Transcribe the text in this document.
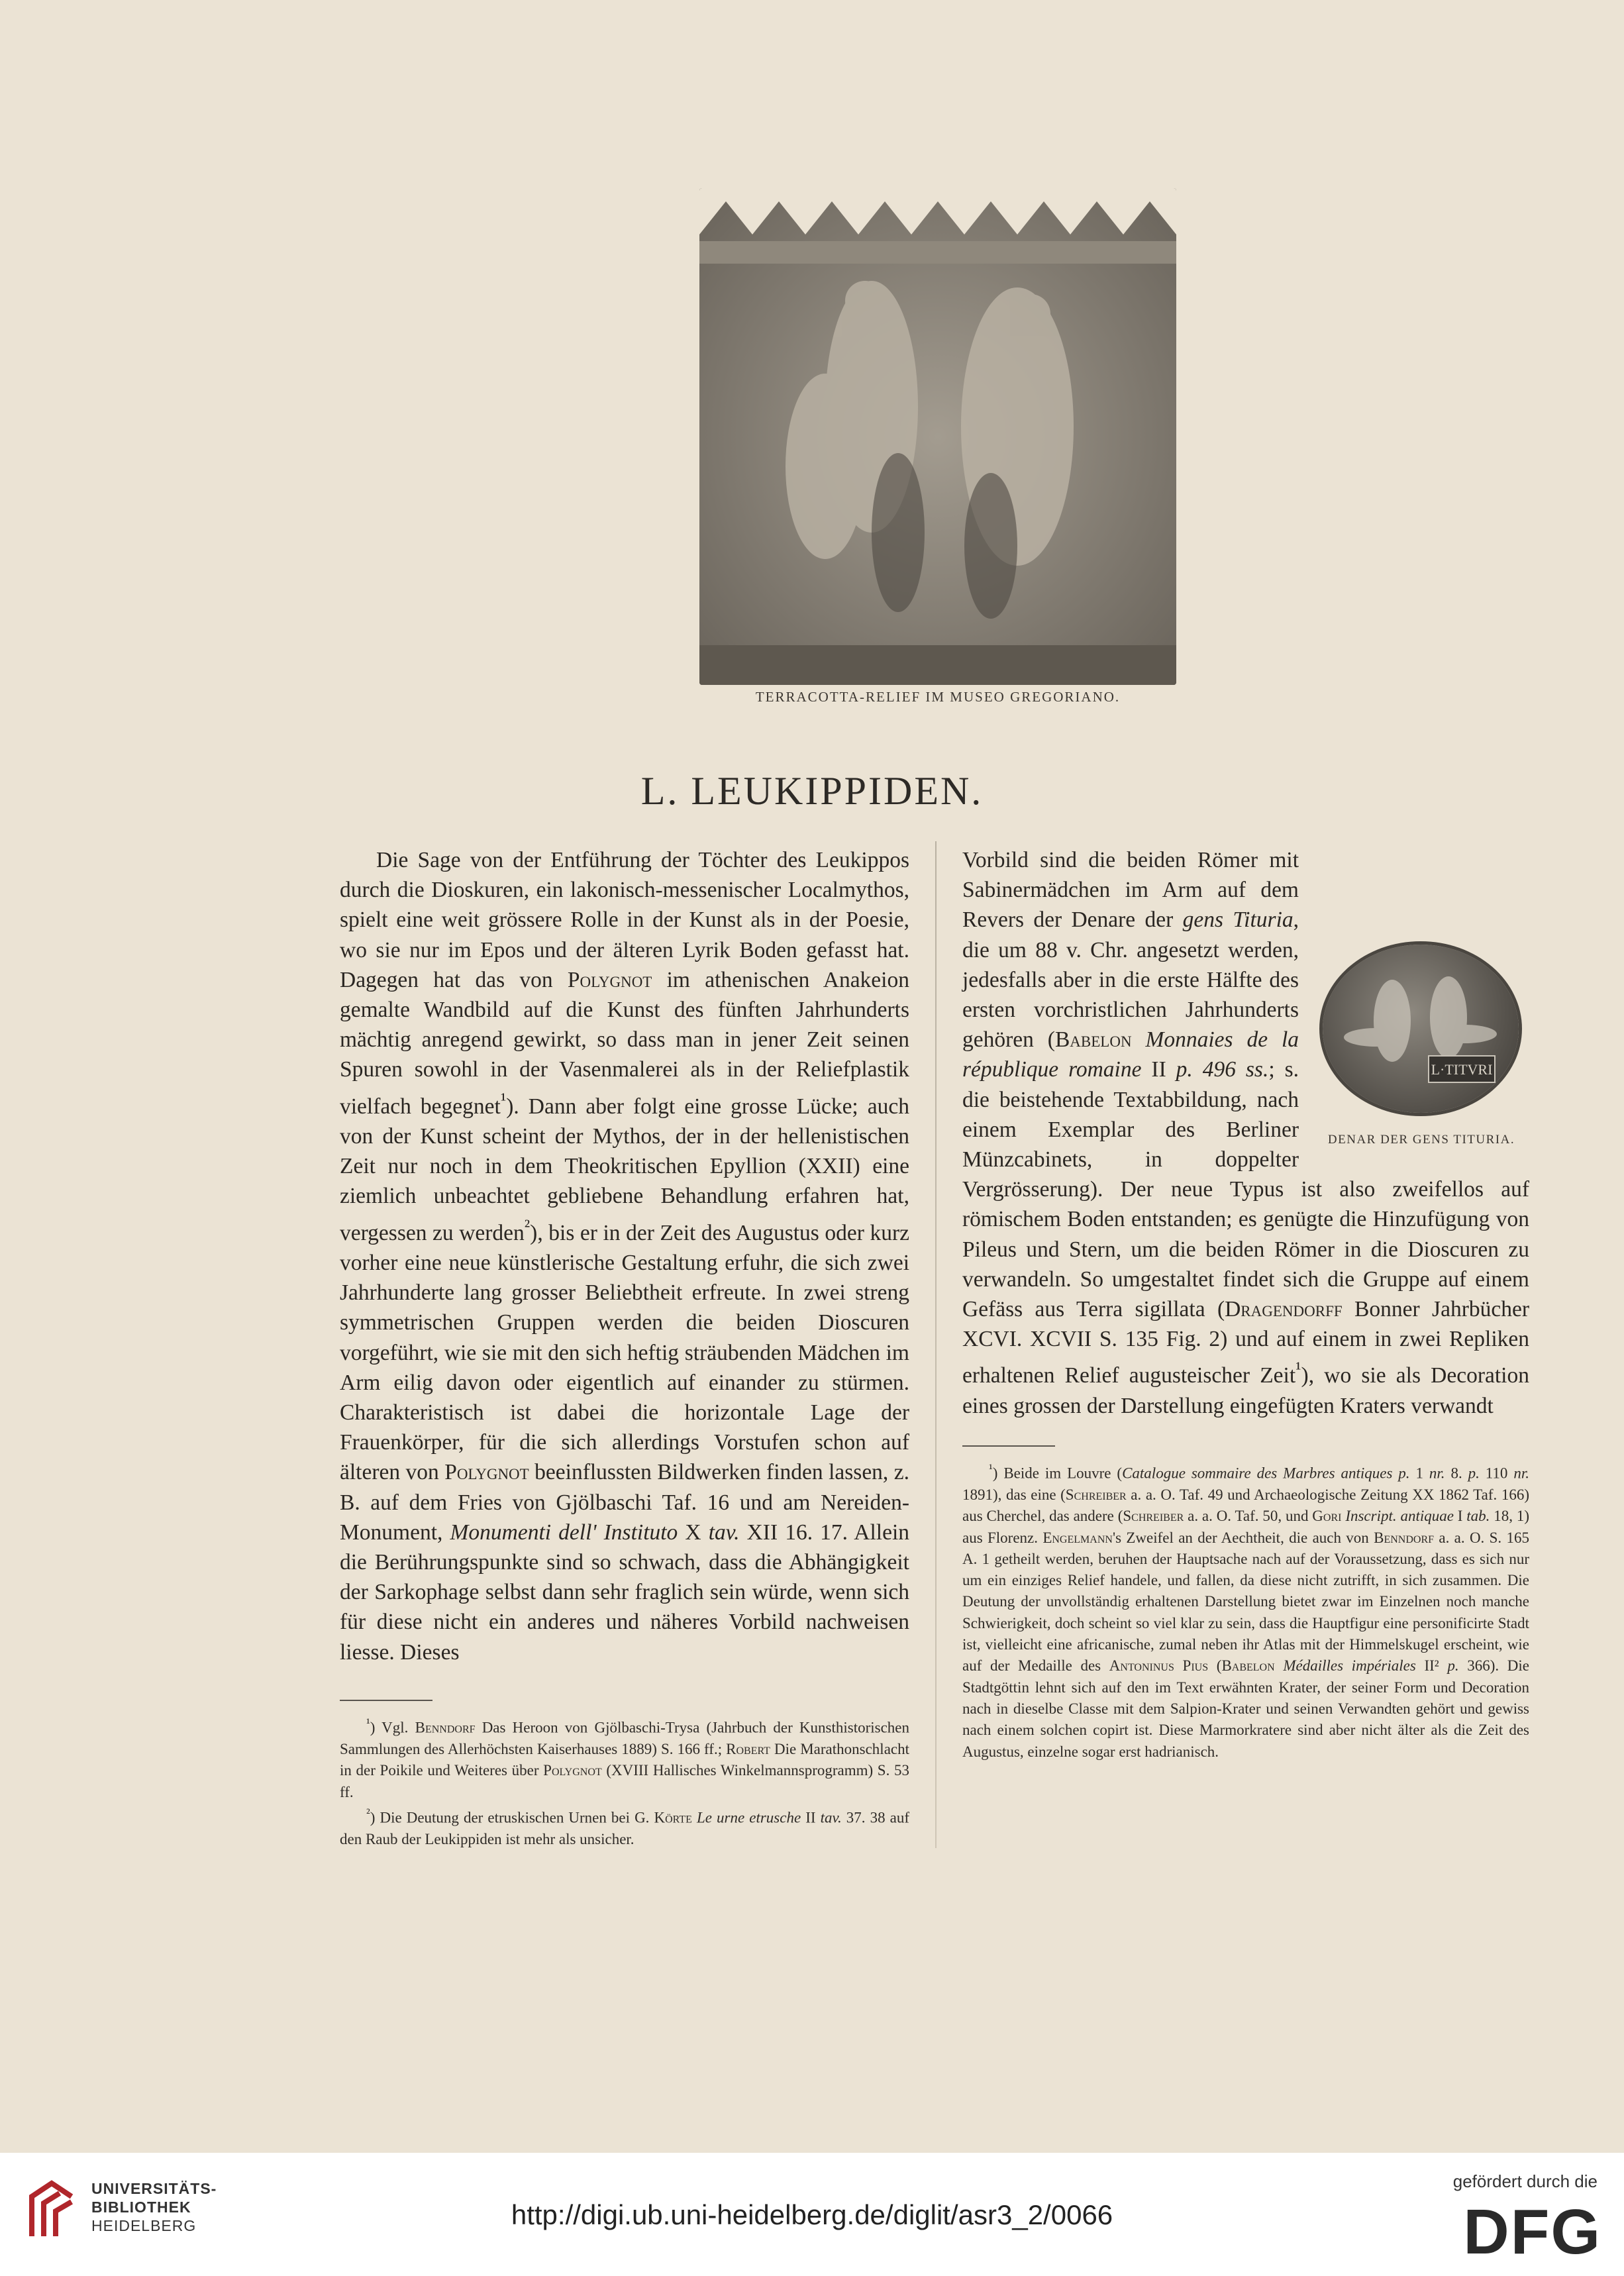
TERRACOTTA-RELIEF IM MUSEO GREGORIANO.
L. LEUKIPPIDEN.

Die Sage von der Entführung der Töchter des Leukippos durch die Dioskuren, ein lakonisch-messenischer Localmythos, spielt eine weit grössere Rolle in der Kunst als in der Poesie, wo sie nur im Epos und der älteren Lyrik Boden gefasst hat. Dagegen hat das von Polygnot im athenischen Anakeion gemalte Wandbild auf die Kunst des fünften Jahrhunderts mächtig anregend gewirkt, so dass man in jener Zeit seinen Spuren sowohl in der Vasenmalerei als in der Reliefplastik vielfach begegnet$^{^1}$). Dann aber folgt eine grosse Lücke; auch von der Kunst scheint der Mythos, der in der hellenistischen Zeit nur noch in dem Theokritischen Epyllion (XXII) eine ziemlich unbeachtet gebliebene Behandlung erfahren hat, vergessen zu werden$^{^2}$), bis er in der Zeit des Augustus oder kurz vorher eine neue künstlerische Gestaltung erfuhr, die sich zwei Jahrhunderte lang grosser Beliebtheit erfreute. In zwei streng symmetrischen Gruppen werden die beiden Dioscuren vorgeführt, wie sie mit den sich heftig sträubenden Mädchen im Arm eilig davon oder eigentlich auf einander zu stürmen. Charakteristisch ist dabei die horizontale Lage der Frauenkörper, für die sich allerdings Vorstufen schon auf älteren von Polygnot beeinflussten Bildwerken finden lassen, z. B. auf dem Fries von Gjölbaschi Taf. 16 und am Nereiden-Monument, Monumenti dell' Instituto X tav. XII 16. 17. Allein die Berührungspunkte sind so schwach, dass die Abhängigkeit der Sarkophage selbst dann sehr fraglich sein würde, wenn sich für diese nicht ein anderes und näheres Vorbild nachweisen liesse. Dieses

L·TITVRI
DENAR DER GENS TITURIA.

Vorbild sind die beiden Römer mit Sabinermädchen im Arm auf dem Revers der Denare der gens Tituria, die um 88 v. Chr. angesetzt werden, jedesfalls aber in die erste Hälfte des ersten vorchristlichen Jahrhunderts gehören (Babelon Monnaies de la république romaine II p. 496 ss.; s. die beistehende Textabbildung, nach einem Exemplar des Berliner Münzcabinets, in doppelter Vergrösserung). Der neue Typus ist also zweifellos auf römischem Boden entstanden; es genügte die Hinzufügung von Pileus und Stern, um die beiden Römer in die Dioscuren zu verwandeln. So umgestaltet findet sich die Gruppe auf einem Gefäss aus Terra sigillata (Dragendorff Bonner Jahrbücher XCVI. XCVII S. 135 Fig. 2) und auf einem in zwei Repliken erhaltenen Relief augusteischer Zeit$^{^1}$), wo sie als Decoration eines grossen der Darstellung eingefügten Kraters verwandt

$^{^1}$) Vgl. Benndorf Das Heroon von Gjölbaschi-Trysa (Jahrbuch der Kunsthistorischen Sammlungen des Allerhöchsten Kaiserhauses 1889) S. 166 ff.; Robert Die Marathonschlacht in der Poikile und Weiteres über Polygnot (XVIII Hallisches Winkelmannsprogramm) S. 53 ff.

$^{^2}$) Die Deutung der etruskischen Urnen bei G. Körte Le urne etrusche II tav. 37. 38 auf den Raub der Leukippiden ist mehr als unsicher.

$^{^1}$) Beide im Louvre (Catalogue sommaire des Marbres antiques p. 1 nr. 8. p. 110 nr. 1891), das eine (Schreiber a. a. O. Taf. 49 und Archaeologische Zeitung XX 1862 Taf. 166) aus Cherchel, das andere (Schreiber a. a. O. Taf. 50, und Gori Inscript. antiquae I tab. 18, 1) aus Florenz. Engelmann's Zweifel an der Aechtheit, die auch von Benndorf a. a. O. S. 165 A. 1 getheilt werden, beruhen der Hauptsache nach auf der Voraussetzung, dass es sich nur um ein einziges Relief handele, und fallen, da diese nicht zutrifft, in sich zusammen. Die Deutung der unvollständig erhaltenen Darstellung bietet zwar im Einzelnen noch manche Schwierigkeit, doch scheint so viel klar zu sein, dass die Hauptfigur eine personificirte Stadt ist, vielleicht eine africanische, zumal neben ihr Atlas mit der Himmelskugel erscheint, wie auf der Medaille des Antoninus Pius (Babelon Médailles impériales II² p. 366). Die Stadtgöttin lehnt sich auf den im Text erwähnten Krater, der seiner Form und Decoration nach in dieselbe Classe mit dem Salpion-Krater und seinen Verwandten gehört und gewiss nach einem solchen copirt ist. Diese Marmorkratere sind aber nicht älter als die Zeit des Augustus, einzelne sogar erst hadrianisch.

UNIVERSITÄTS-
BIBLIOTHEK
HEIDELBERG	http://digi.ub.uni-heidelberg.de/diglit/asr3_2/0066
gefördert durch die
DFG
